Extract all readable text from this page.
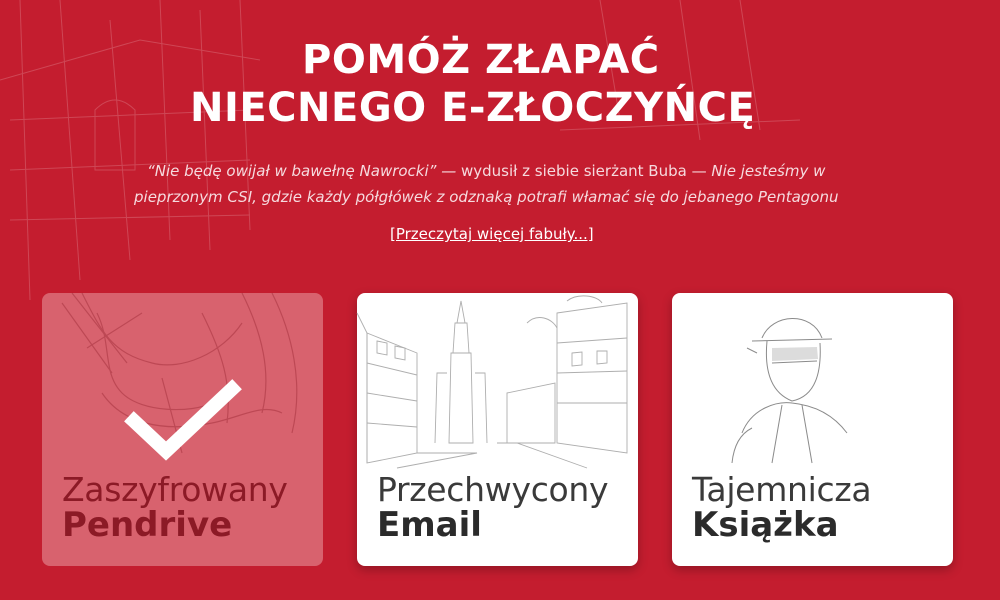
POMÓŻ ZŁAPAĆ
NIECNEGO E-ZŁOCZYŃCĘ
“Nie będę owijał w bawełnę Nawrocki” — wydusił z siebie sierżant Buba — Nie jesteśmy w
pieprzonym CSI, gdzie każdy półgłówek z odznaką potrafi włamać się do jebanego Pentagonu
[Przeczytaj więcej fabuły...]
Zaszyfrowany
Pendrive
Przechwycony
Email
Tajemnicza
Książka
